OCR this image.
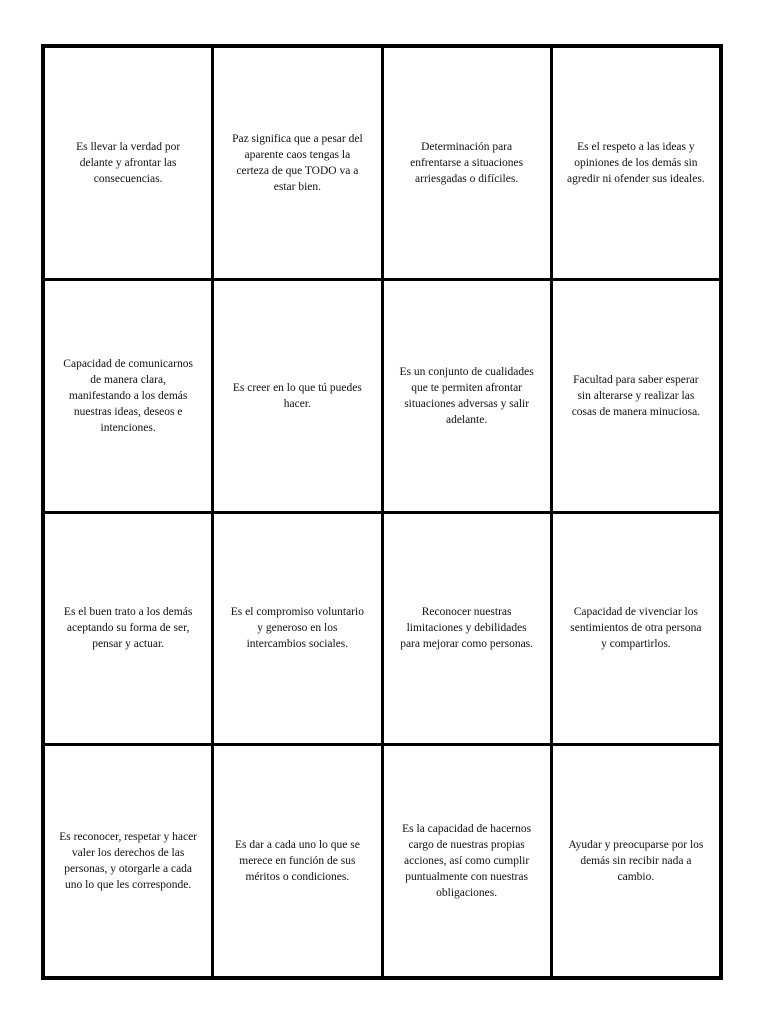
Es llevar la verdad por delante y afrontar las consecuencias.
Paz significa que a pesar del aparente caos tengas la certeza de que TODO va a estar bien.
Determinación para enfrentarse a situaciones arriesgadas o difíciles.
Es el respeto a las ideas y opiniones de los demás sin agredir ni ofender sus ideales.
Capacidad de comunicarnos de manera clara, manifestando a los demás nuestras ideas, deseos e intenciones.
Es creer en lo que tú puedes hacer.
Es un conjunto de cualidades que te permiten afrontar situaciones adversas y salir adelante.
Facultad para saber esperar sin alterarse y realizar las cosas de manera minuciosa.
Es el buen trato a los demás aceptando su forma de ser, pensar y actuar.
Es el compromiso voluntario y generoso en los intercambios sociales.
Reconocer nuestras limitaciones y debilidades para mejorar como personas.
Capacidad de vivenciar los sentimientos de otra persona y compartirlos.
Es reconocer, respetar y hacer valer los derechos de las personas, y otorgarle a cada uno lo que les corresponde.
Es dar a cada uno lo que se merece en función de sus méritos o condiciones.
Es la capacidad de hacernos cargo de nuestras propias acciones, así como cumplir puntualmente con nuestras obligaciones.
Ayudar y preocuparse por los demás sin recibir nada a cambio.
